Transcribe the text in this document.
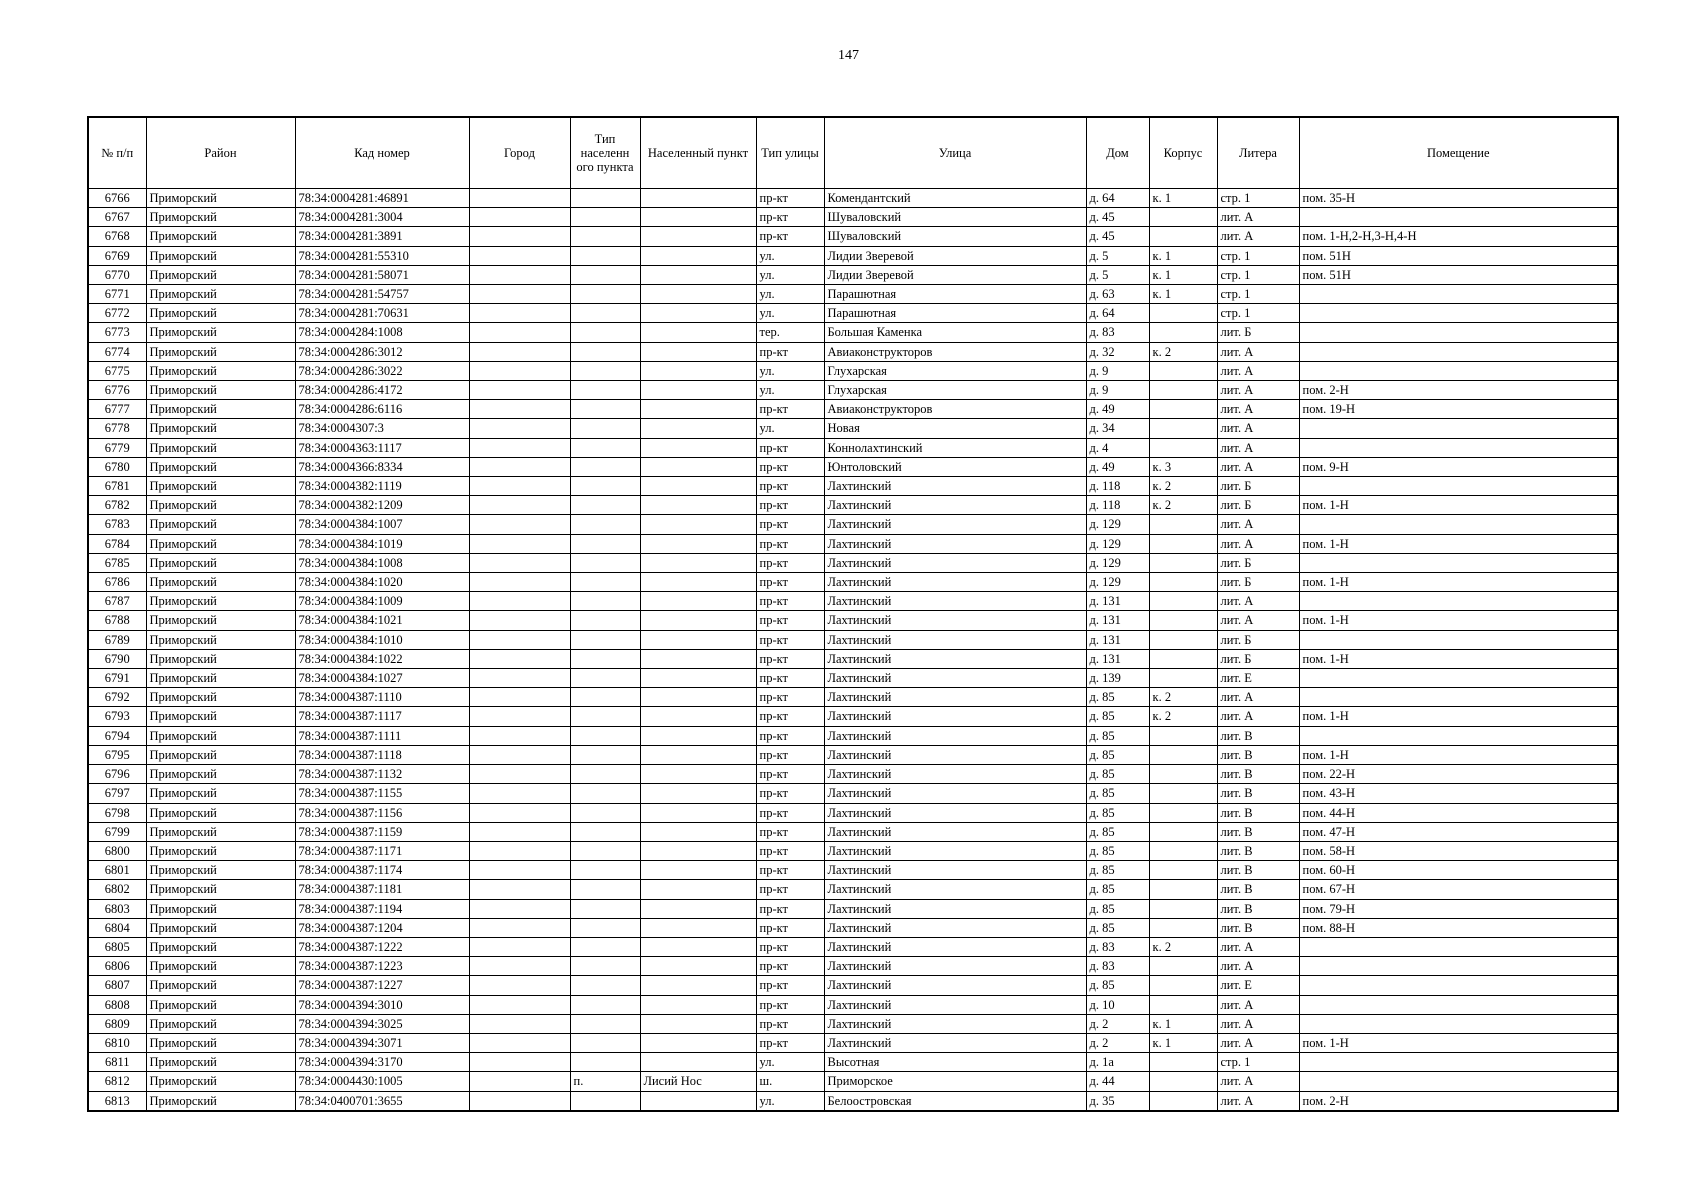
147
№ п/п	Район	Кад номер	Город	Тип населенн ого пункта	Населенный пункт	Тип улицы	Улица	Дом	Корпус	Литера	Помещение
6766	Приморский	78:34:0004281:46891				пр-кт	Комендантский	д. 64	к. 1	стр. 1	пом. 35-Н
6767	Приморский	78:34:0004281:3004				пр-кт	Шуваловский	д. 45		лит. А	
6768	Приморский	78:34:0004281:3891				пр-кт	Шуваловский	д. 45		лит. А	пом. 1-Н,2-Н,3-Н,4-Н
6769	Приморский	78:34:0004281:55310				ул.	Лидии Зверевой	д. 5	к. 1	стр. 1	пом. 51Н
6770	Приморский	78:34:0004281:58071				ул.	Лидии Зверевой	д. 5	к. 1	стр. 1	пом. 51Н
6771	Приморский	78:34:0004281:54757				ул.	Парашютная	д. 63	к. 1	стр. 1	
6772	Приморский	78:34:0004281:70631				ул.	Парашютная	д. 64		стр. 1	
6773	Приморский	78:34:0004284:1008				тер.	Большая Каменка	д. 83		лит. Б	
6774	Приморский	78:34:0004286:3012				пр-кт	Авиаконструкторов	д. 32	к. 2	лит. А	
6775	Приморский	78:34:0004286:3022				ул.	Глухарская	д. 9		лит. А	
6776	Приморский	78:34:0004286:4172				ул.	Глухарская	д. 9		лит. А	пом. 2-Н
6777	Приморский	78:34:0004286:6116				пр-кт	Авиаконструкторов	д. 49		лит. А	пом. 19-Н
6778	Приморский	78:34:0004307:3				ул.	Новая	д. 34		лит. А	
6779	Приморский	78:34:0004363:1117				пр-кт	Коннолахтинский	д. 4		лит. А	
6780	Приморский	78:34:0004366:8334				пр-кт	Юнтоловский	д. 49	к. 3	лит. А	пом. 9-Н
6781	Приморский	78:34:0004382:1119				пр-кт	Лахтинский	д. 118	к. 2	лит. Б	
6782	Приморский	78:34:0004382:1209				пр-кт	Лахтинский	д. 118	к. 2	лит. Б	пом. 1-Н
6783	Приморский	78:34:0004384:1007				пр-кт	Лахтинский	д. 129		лит. А	
6784	Приморский	78:34:0004384:1019				пр-кт	Лахтинский	д. 129		лит. А	пом. 1-Н
6785	Приморский	78:34:0004384:1008				пр-кт	Лахтинский	д. 129		лит. Б	
6786	Приморский	78:34:0004384:1020				пр-кт	Лахтинский	д. 129		лит. Б	пом. 1-Н
6787	Приморский	78:34:0004384:1009				пр-кт	Лахтинский	д. 131		лит. А	
6788	Приморский	78:34:0004384:1021				пр-кт	Лахтинский	д. 131		лит. А	пом. 1-Н
6789	Приморский	78:34:0004384:1010				пр-кт	Лахтинский	д. 131		лит. Б	
6790	Приморский	78:34:0004384:1022				пр-кт	Лахтинский	д. 131		лит. Б	пом. 1-Н
6791	Приморский	78:34:0004384:1027				пр-кт	Лахтинский	д. 139		лит. Е	
6792	Приморский	78:34:0004387:1110				пр-кт	Лахтинский	д. 85	к. 2	лит. А	
6793	Приморский	78:34:0004387:1117				пр-кт	Лахтинский	д. 85	к. 2	лит. А	пом. 1-Н
6794	Приморский	78:34:0004387:1111				пр-кт	Лахтинский	д. 85		лит. В	
6795	Приморский	78:34:0004387:1118				пр-кт	Лахтинский	д. 85		лит. В	пом. 1-Н
6796	Приморский	78:34:0004387:1132				пр-кт	Лахтинский	д. 85		лит. В	пом. 22-Н
6797	Приморский	78:34:0004387:1155				пр-кт	Лахтинский	д. 85		лит. В	пом. 43-Н
6798	Приморский	78:34:0004387:1156				пр-кт	Лахтинский	д. 85		лит. В	пом. 44-Н
6799	Приморский	78:34:0004387:1159				пр-кт	Лахтинский	д. 85		лит. В	пом. 47-Н
6800	Приморский	78:34:0004387:1171				пр-кт	Лахтинский	д. 85		лит. В	пом. 58-Н
6801	Приморский	78:34:0004387:1174				пр-кт	Лахтинский	д. 85		лит. В	пом. 60-Н
6802	Приморский	78:34:0004387:1181				пр-кт	Лахтинский	д. 85		лит. В	пом. 67-Н
6803	Приморский	78:34:0004387:1194				пр-кт	Лахтинский	д. 85		лит. В	пом. 79-Н
6804	Приморский	78:34:0004387:1204				пр-кт	Лахтинский	д. 85		лит. В	пом. 88-Н
6805	Приморский	78:34:0004387:1222				пр-кт	Лахтинский	д. 83	к. 2	лит. А	
6806	Приморский	78:34:0004387:1223				пр-кт	Лахтинский	д. 83		лит. А	
6807	Приморский	78:34:0004387:1227				пр-кт	Лахтинский	д. 85		лит. Е	
6808	Приморский	78:34:0004394:3010				пр-кт	Лахтинский	д. 10		лит. А	
6809	Приморский	78:34:0004394:3025				пр-кт	Лахтинский	д. 2	к. 1	лит. А	
6810	Приморский	78:34:0004394:3071				пр-кт	Лахтинский	д. 2	к. 1	лит. А	пом. 1-Н
6811	Приморский	78:34:0004394:3170				ул.	Высотная	д. 1а		стр. 1	
6812	Приморский	78:34:0004430:1005		п.	Лисий Нос	ш.	Приморское	д. 44		лит. А	
6813	Приморский	78:34:0400701:3655				ул.	Белоостровская	д. 35		лит. А	пом. 2-Н
